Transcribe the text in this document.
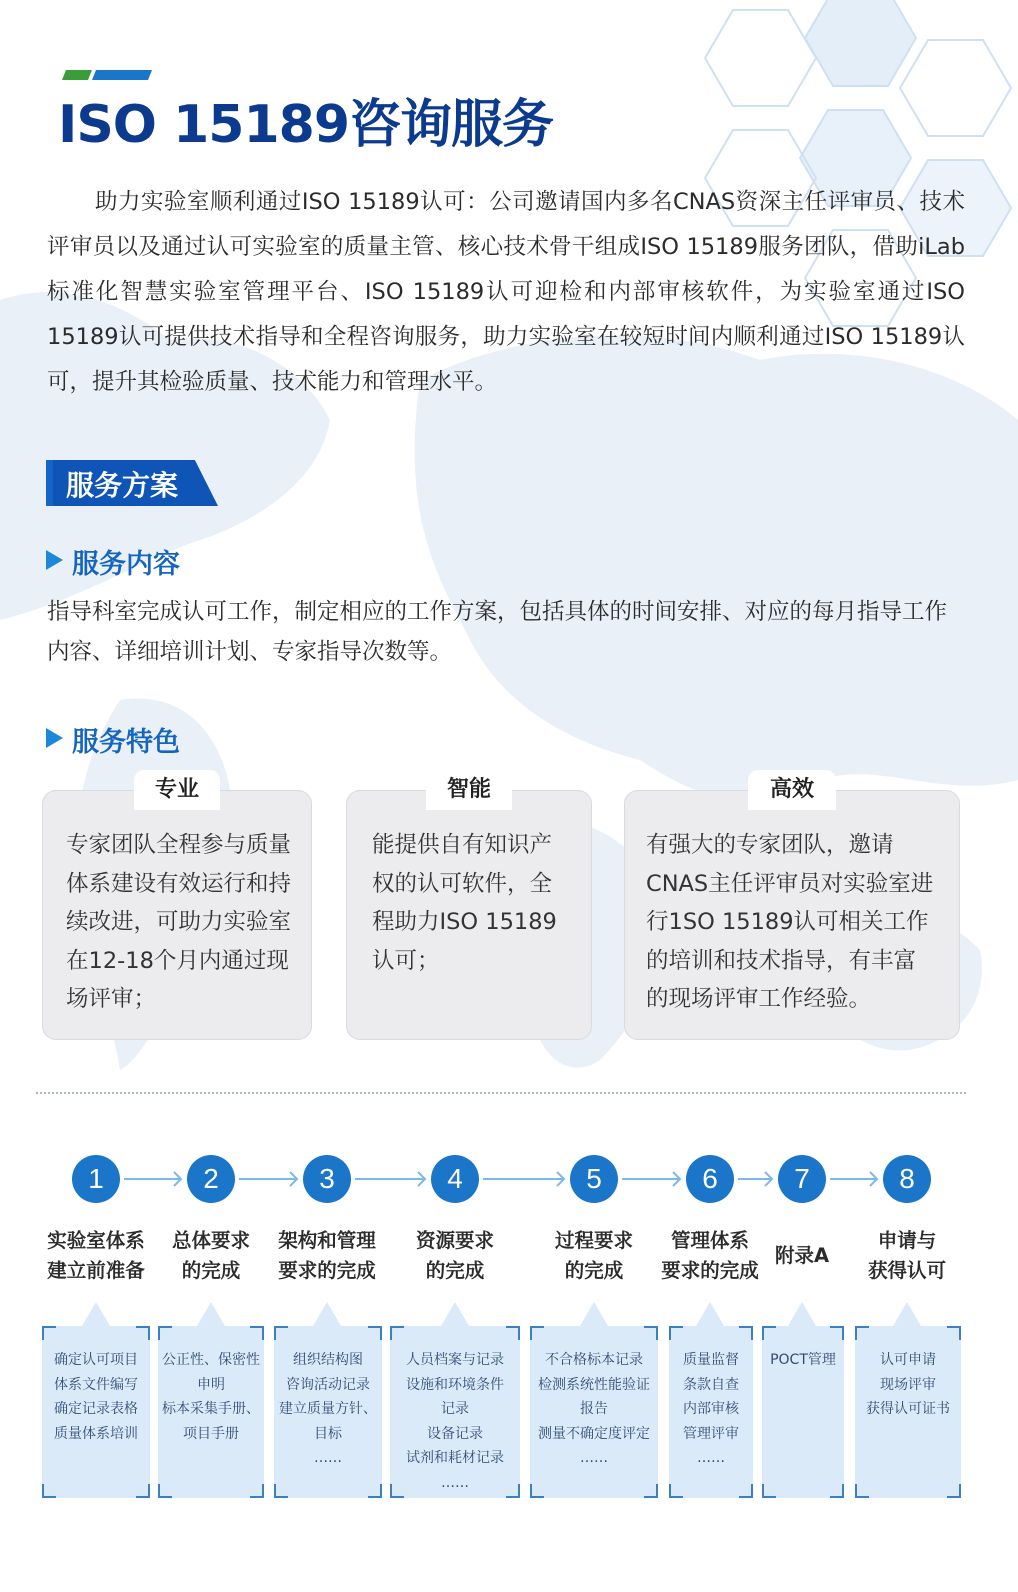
ISO 15189咨询服务

助力实验室顺利通过ISO 15189认可：公司邀请国内多名CNAS资深主任评审员、技术评审员以及通过认可实验室的质量主管、核心技术骨干组成ISO 15189服务团队，借助iLab标准化智慧实验室管理平台、ISO 15189认可迎检和内部审核软件，为实验室通过ISO 15189认可提供技术指导和全程咨询服务，助力实验室在较短时间内顺利通过ISO 15189认可，提升其检验质量、技术能力和管理水平。

服务方案
服务内容

指导科室完成认可工作，制定相应的工作方案，包括具体的时间安排、对应的每月指导工作内容、详细培训计划、专家指导次数等。

服务特色
专业

专家团队全程参与质量体系建设有效运行和持续改进，可助力实验室在12-18个月内通过现场评审；

智能

能提供自有知识产权的认可软件，全程助力ISO 15189认可；

高效

有强大的专家团队，邀请CNAS主任评审员对实验室进行1SO 15189认可相关工作的培训和技术指导，有丰富的现场评审工作经验。

1
实验室体系
建立前准备
确定认可项目
体系文件编写
确定记录表格
质量体系培训
2
总体要求
的完成
公正性、保密性
申明
标本采集手册、
项目手册
3
架构和管理
要求的完成
组织结构图
咨询活动记录
建立质量方针、
目标
……
4
资源要求
的完成
人员档案与记录
设施和环境条件
记录
设备记录
试剂和耗材记录
……
5
过程要求
的完成
不合格标本记录
检测系统性能验证
报告
测量不确定度评定
……
6
管理体系
要求的完成
质量监督
条款自查
内部审核
管理评审
……
7
附录A
POCT管理
8
申请与
获得认可
认可申请
现场评审
获得认可证书
